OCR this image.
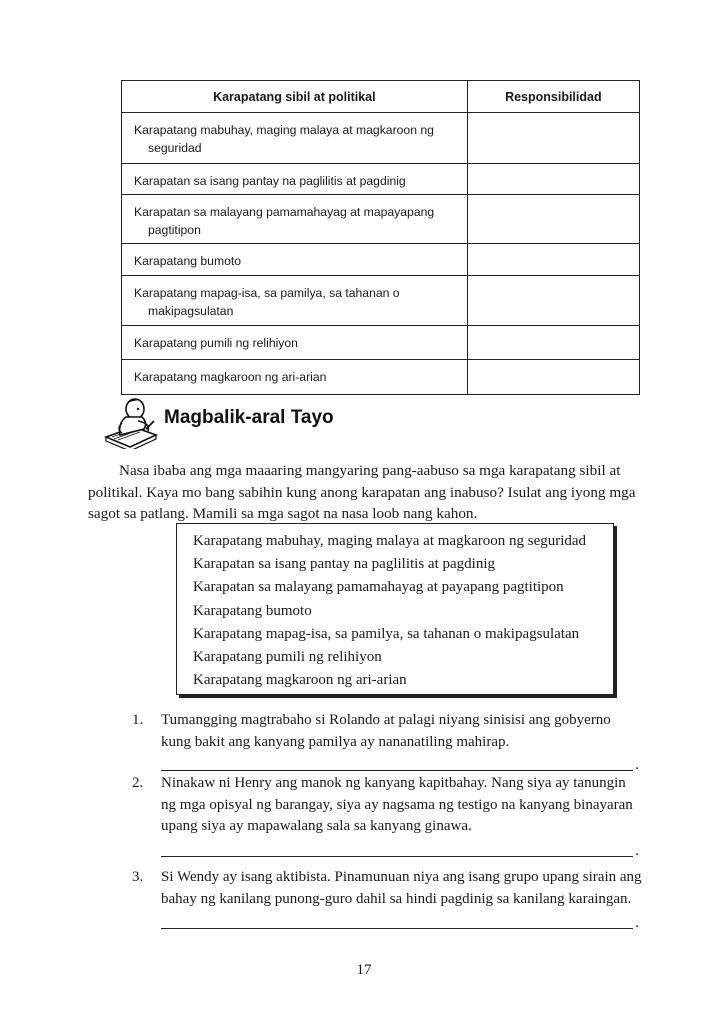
Karapatang sibil at politikal	Responsibilidad

Karapatang mabuhay, maging malaya at magkaroon ng seguridad	

Karapatan sa isang pantay na paglilitis at pagdinig	

Karapatan sa malayang pamamahayag at mapayapang pagtitipon	

Karapatang bumoto	

Karapatang mapag-isa, sa pamilya, sa tahanan o makipagsulatan	

Karapatang pumili ng relihiyon	

Karapatang magkaroon ng ari-arian	

Magbalik-aral Tayo

Nasa ibaba ang mga maaaring mangyaring pang-aabuso sa mga karapatang sibil at politikal. Kaya mo bang sabihin kung anong karapatan ang inabuso? Isulat ang iyong mga sagot sa patlang. Mamili sa mga sagot na nasa loob nang kahon.

Karapatang mabuhay, maging malaya at magkaroon ng seguridad
Karapatan sa isang pantay na paglilitis at pagdinig
Karapatan sa malayang pamamahayag at payapang pagtitipon
Karapatang bumoto
Karapatang mapag-isa, sa pamilya, sa tahanan o makipagsulatan
Karapatang pumili ng relihiyon
Karapatang magkaroon ng ari-arian
1. Tumangging magtrabaho si Rolando at palagi niyang sinisisi ang gobyerno kung bakit ang kanyang pamilya ay nananatiling mahirap.
.
2. Ninakaw ni Henry ang manok ng kanyang kapitbahay. Nang siya ay tanungin ng mga opisyal ng barangay, siya ay nagsama ng testigo na kanyang binayaran upang siya ay mapawalang sala sa kanyang ginawa.
.
3. Si Wendy ay isang aktibista. Pinamunuan niya ang isang grupo upang sirain ang bahay ng kanilang punong-guro dahil sa hindi pagdinig sa kanilang karaingan.
.
17
